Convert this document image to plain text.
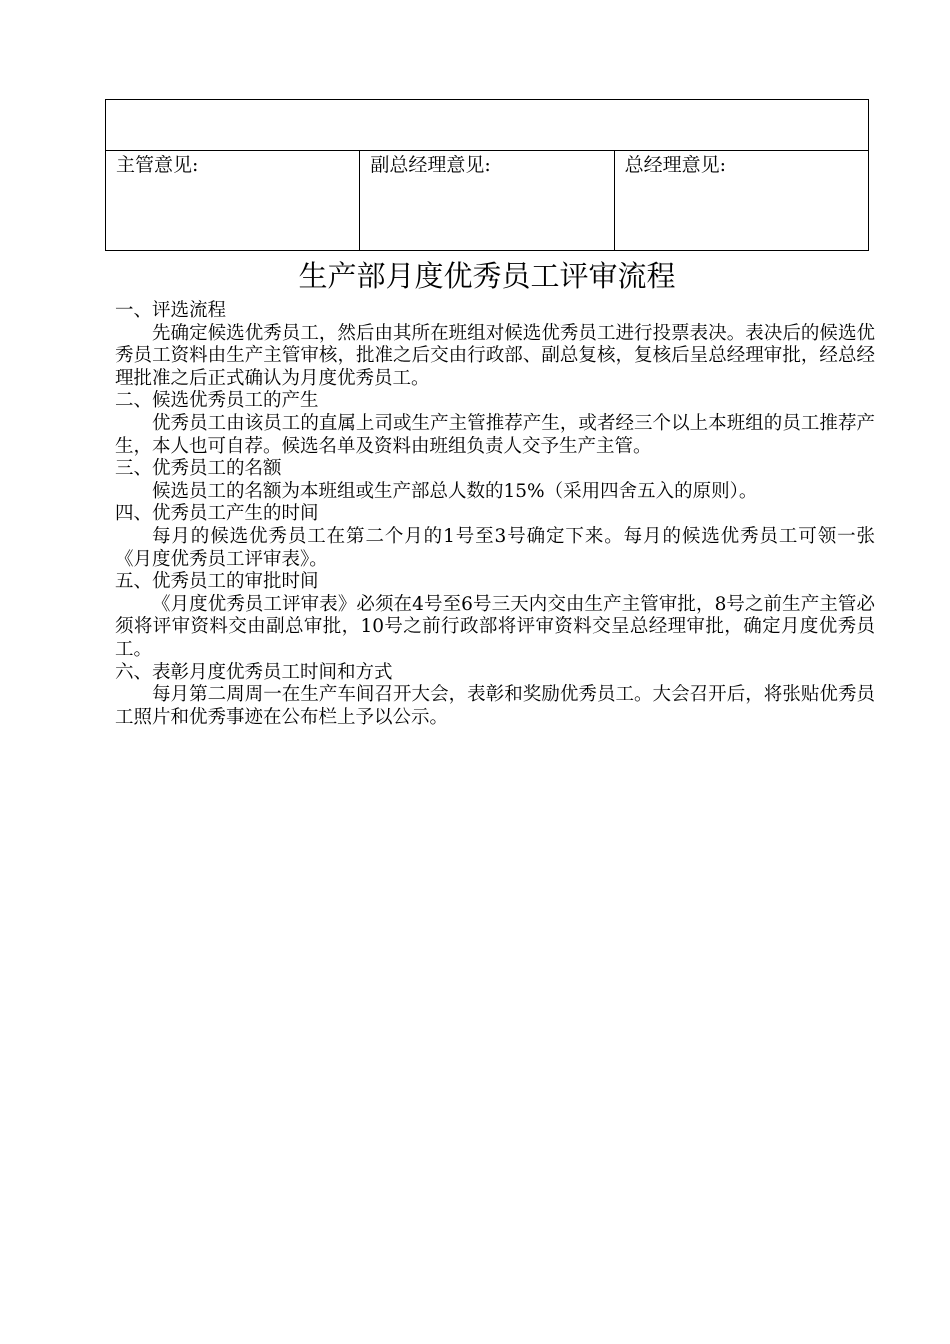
主管意见:	副总经理意见:	总经理意见:
生产部月度优秀员工评审流程

一、评选流程

先确定候选优秀员工，然后由其所在班组对候选优秀员工进行投票表决。表决后的候选优秀员工资料由生产主管审核，批准之后交由行政部、副总复核，复核后呈总经理审批，经总经理批准之后正式确认为月度优秀员工。

二、候选优秀员工的产生

优秀员工由该员工的直属上司或生产主管推荐产生，或者经三个以上本班组的员工推荐产生，本人也可自荐。候选名单及资料由班组负责人交予生产主管。

三、优秀员工的名额

候选员工的名额为本班组或生产部总人数的15%（采用四舍五入的原则）。

四、优秀员工产生的时间

每月的候选优秀员工在第二个月的1号至3号确定下来。每月的候选优秀员工可领一张《月度优秀员工评审表》。

五、优秀员工的审批时间

《月度优秀员工评审表》必须在4号至6号三天内交由生产主管审批，8号之前生产主管必须将评审资料交由副总审批，10号之前行政部将评审资料交呈总经理审批，确定月度优秀员工。

六、表彰月度优秀员工时间和方式

每月第二周周一在生产车间召开大会，表彰和奖励优秀员工。大会召开后，将张贴优秀员工照片和优秀事迹在公布栏上予以公示。
